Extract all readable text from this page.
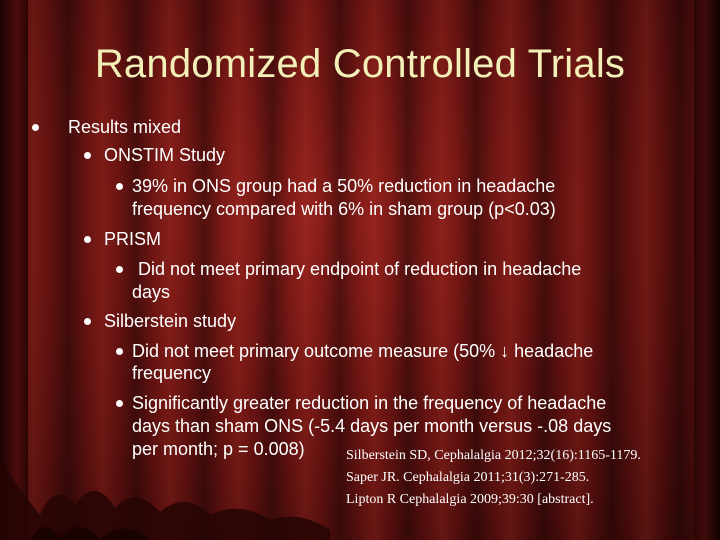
Randomized Controlled Trials
Results mixed
ONSTIM Study
39% in ONS group had a 50% reduction in headache
frequency compared with 6% in sham group (p<0.03)
PRISM
Did not meet primary endpoint of reduction in headache
days
Silberstein study
Did not meet primary outcome measure (50% ↓ headache
frequency
Significantly greater reduction in the frequency of headache
days than sham ONS (-5.4 days per month versus -.08 days
per month; p = 0.008)	Silberstein SD, Cephalalgia 2012;32(16):1165-1179.
Saper JR. Cephalalgia 2011;31(3):271-285.
Lipton R Cephalalgia 2009;39:30 [abstract].
